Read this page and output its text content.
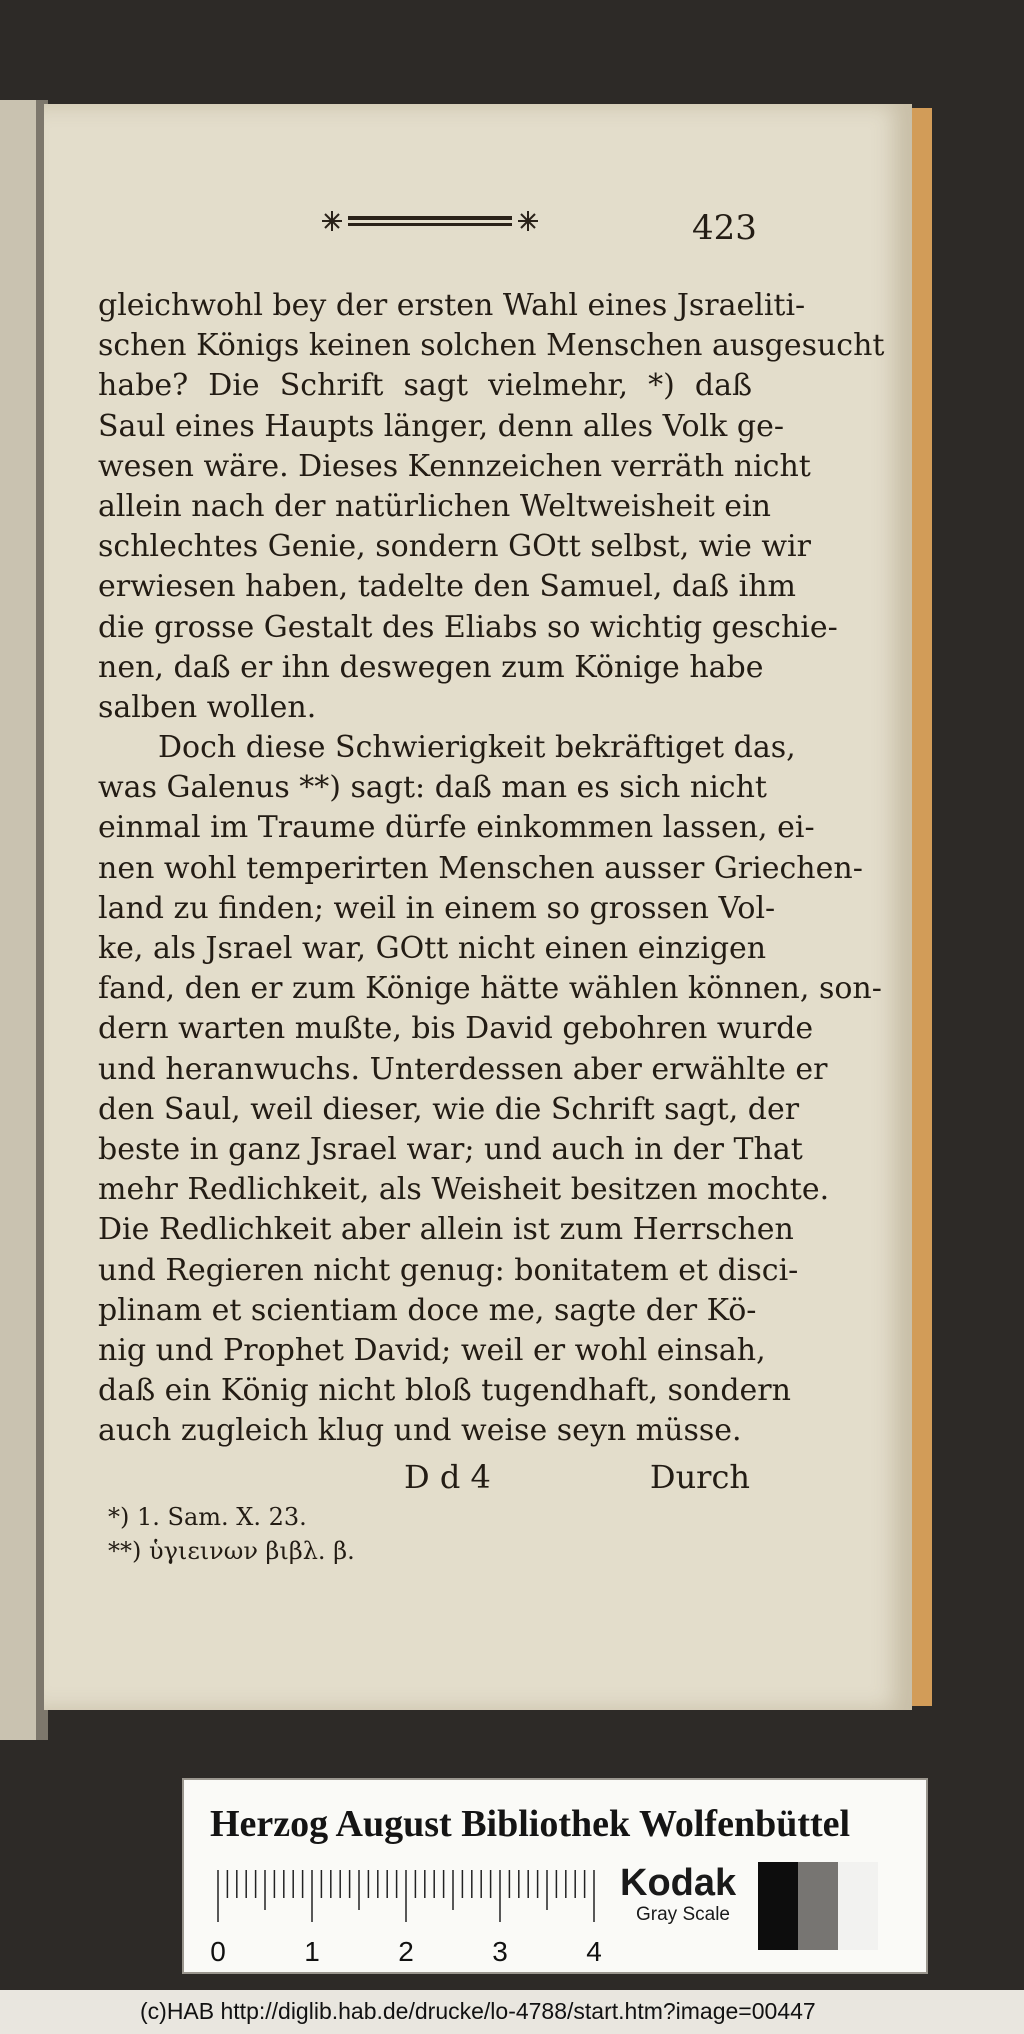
423
gleichwohl bey der ersten Wahl eines Jsraeliti-
schen Königs keinen solchen Menschen ausgesucht
habe? Die Schrift sagt vielmehr, *) daß
Saul eines Haupts länger, denn alles Volk ge-
wesen wäre. Dieses Kennzeichen verräth nicht
allein nach der natürlichen Weltweisheit ein
schlechtes Genie, sondern GOtt selbst, wie wir
erwiesen haben, tadelte den Samuel, daß ihm
die grosse Gestalt des Eliabs so wichtig geschie-
nen, daß er ihn deswegen zum Könige habe
salben wollen.
Doch diese Schwierigkeit bekräftiget das,
was Galenus **) sagt: daß man es sich nicht
einmal im Traume dürfe einkommen lassen, ei-
nen wohl temperirten Menschen ausser Griechen-
land zu finden; weil in einem so grossen Vol-
ke, als Jsrael war, GOtt nicht einen einzigen
fand, den er zum Könige hätte wählen können, son-
dern warten mußte, bis David gebohren wurde
und heranwuchs. Unterdessen aber erwählte er
den Saul, weil dieser, wie die Schrift sagt, der
beste in ganz Jsrael war; und auch in der That
mehr Redlichkeit, als Weisheit besitzen mochte.
Die Redlichkeit aber allein ist zum Herrschen
und Regieren nicht genug: bonitatem et disci-
plinam et scientiam doce me, sagte der Kö-
nig und Prophet David; weil er wohl einsah,
daß ein König nicht bloß tugendhaft, sondern
auch zugleich klug und weise seyn müsse.
D d 4	Durch
*) 1. Sam. X. 23.
**) ὑγιεινων βιβλ. β.
Herzog August Bibliothek Wolfenbüttel
0	1	2	3	4
Kodak
Gray Scale
(c)HAB http://diglib.hab.de/drucke/lo-4788/start.htm?image=00447
